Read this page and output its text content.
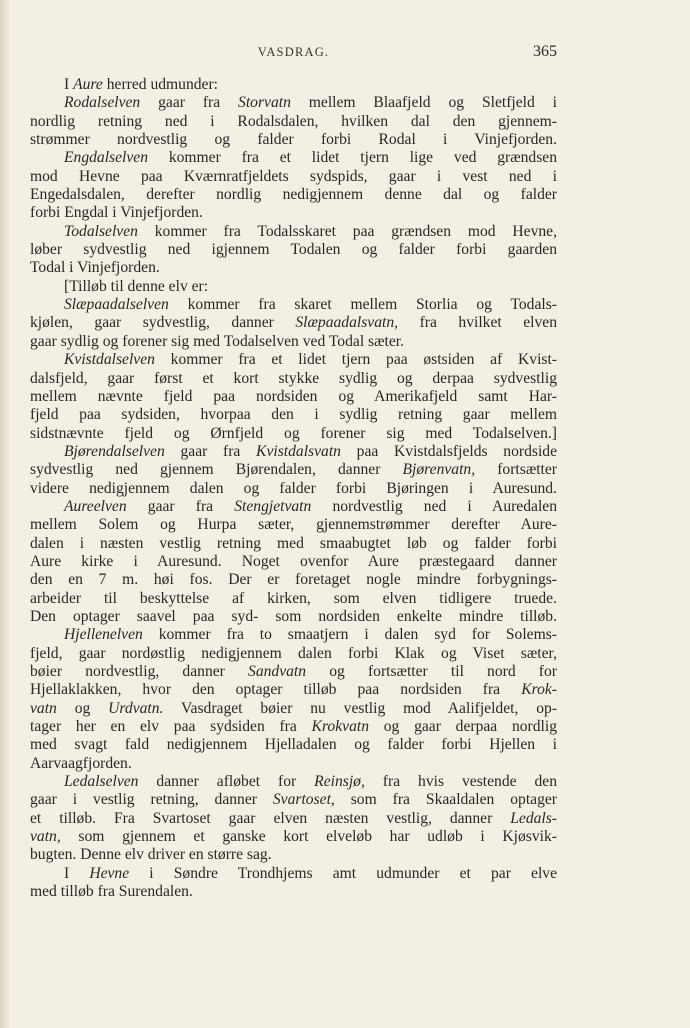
VASDRAG.	365
I Aure herred udmunder:
Rodalselven gaar fra Storvatn mellem Blaafjeld og Sletfjeld i
nordlig retning ned i Rodalsdalen, hvilken dal den gjennem-
strømmer nordvestlig og falder forbi Rodal i Vinjefjorden.
Engdalselven kommer fra et lidet tjern lige ved grændsen
mod Hevne paa Kværnratfjeldets sydspids, gaar i vest ned i
Engedalsdalen, derefter nordlig nedigjennem denne dal og falder
forbi Engdal i Vinjefjorden.
Todalselven kommer fra Todalsskaret paa grændsen mod Hevne,
løber sydvestlig ned igjennem Todalen og falder forbi gaarden
Todal i Vinjefjorden.
[Tilløb til denne elv er:
Slæpaadalselven kommer fra skaret mellem Storlia og Todals-
kjølen, gaar sydvestlig, danner Slæpaadalsvatn, fra hvilket elven
gaar sydlig og forener sig med Todalselven ved Todal sæter.
Kvistdalselven kommer fra et lidet tjern paa østsiden af Kvist-
dalsfjeld, gaar først et kort stykke sydlig og derpaa sydvestlig
mellem nævnte fjeld paa nordsiden og Amerikafjeld samt Har-
fjeld paa sydsiden, hvorpaa den i sydlig retning gaar mellem
sidstnævnte fjeld og Ørnfjeld og forener sig med Todalselven.]
Bjørendalselven gaar fra Kvistdalsvatn paa Kvistdalsfjelds nordside
sydvestlig ned gjennem Bjørendalen, danner Bjørenvatn, fortsætter
videre nedigjennem dalen og falder forbi Bjøringen i Auresund.
Aureelven gaar fra Stengjetvatn nordvestlig ned i Auredalen
mellem Solem og Hurpa sæter, gjennemstrømmer derefter Aure-
dalen i næsten vestlig retning med smaabugtet løb og falder forbi
Aure kirke i Auresund. Noget ovenfor Aure præstegaard danner
den en 7 m. høi fos. Der er foretaget nogle mindre forbygnings-
arbeider til beskyttelse af kirken, som elven tidligere truede.
Den optager saavel paa syd- som nordsiden enkelte mindre tilløb.
Hjellenelven kommer fra to smaatjern i dalen syd for Solems-
fjeld, gaar nordøstlig nedigjennem dalen forbi Klak og Viset sæter,
bøier nordvestlig, danner Sandvatn og fortsætter til nord for
Hjellaklakken, hvor den optager tilløb paa nordsiden fra Krok-
vatn og Urdvatn. Vasdraget bøier nu vestlig mod Aalifjeldet, op-
tager her en elv paa sydsiden fra Krokvatn og gaar derpaa nordlig
med svagt fald nedigjennem Hjelladalen og falder forbi Hjellen i
Aarvaagfjorden.
Ledalselven danner afløbet for Reinsjø, fra hvis vestende den
gaar i vestlig retning, danner Svartoset, som fra Skaaldalen optager
et tilløb. Fra Svartoset gaar elven næsten vestlig, danner Ledals-
vatn, som gjennem et ganske kort elveløb har udløb i Kjøsvik-
bugten. Denne elv driver en større sag.
I Hevne i Søndre Trondhjems amt udmunder et par elve
med tilløb fra Surendalen.
